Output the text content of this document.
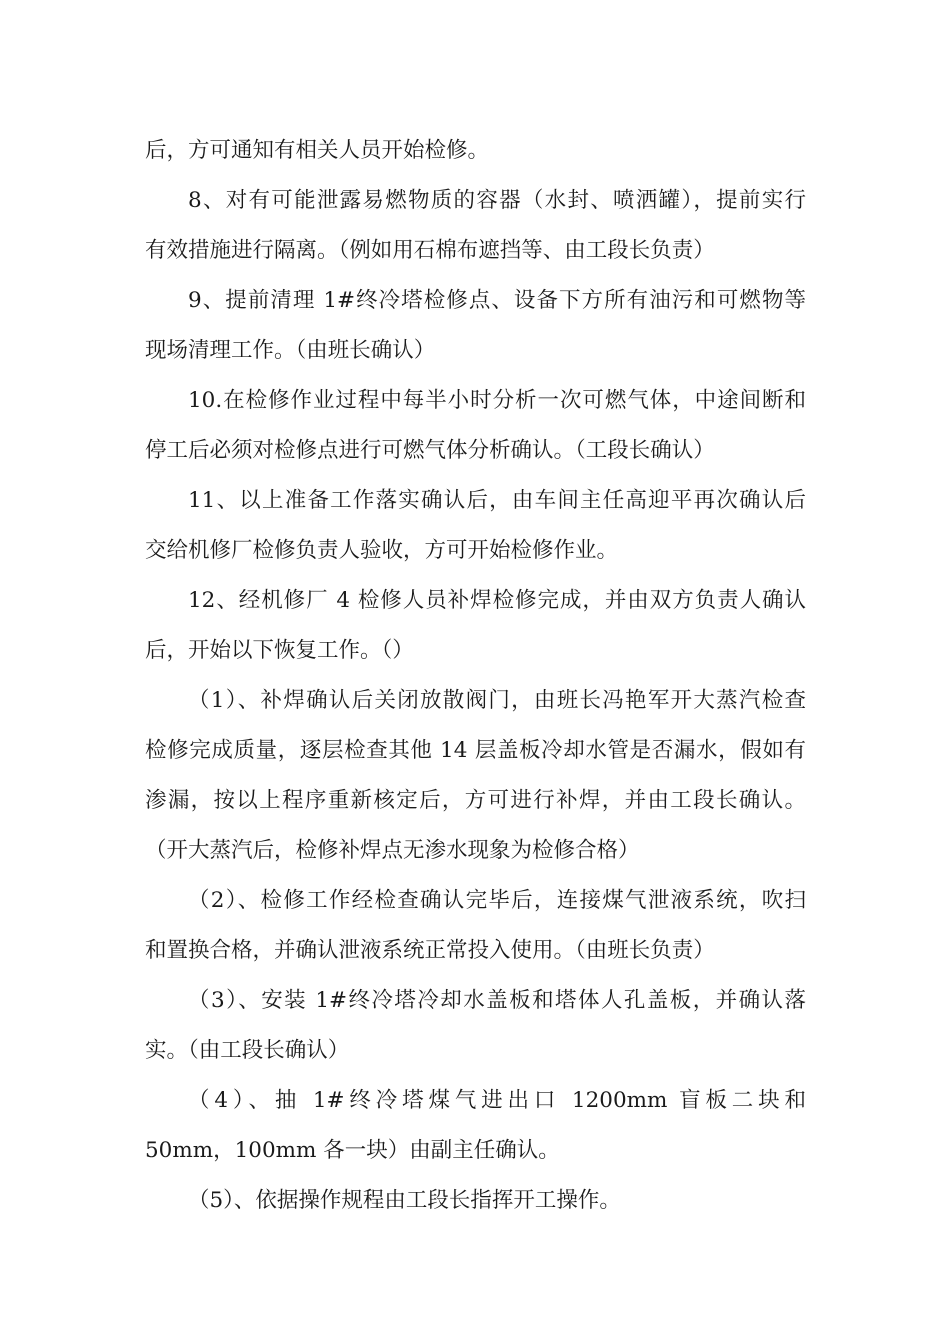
后，方可通知有相关人员开始检修。
8、对有可能泄露易燃物质的容器（水封、喷洒罐），提前实行
有效措施进行隔离。（例如用石棉布遮挡等、由工段长负责）
9、提前清理 1#终冷塔检修点、设备下方所有油污和可燃物等
现场清理工作。（由班长确认）
10.在检修作业过程中每半小时分析一次可燃气体，中途间断和
停工后必须对检修点进行可燃气体分析确认。（工段长确认）
11、以上准备工作落实确认后，由车间主任高迎平再次确认后
交给机修厂检修负责人验收，方可开始检修作业。
12、经机修厂 4 检修人员补焊检修完成，并由双方负责人确认
后，开始以下恢复工作。（）
（1）、补焊确认后关闭放散阀门，由班长冯艳军开大蒸汽检查
检修完成质量，逐层检查其他 14 层盖板冷却水管是否漏水，假如有
渗漏，按以上程序重新核定后，方可进行补焊，并由工段长确认。
（开大蒸汽后，检修补焊点无渗水现象为检修合格）
（2）、检修工作经检查确认完毕后，连接煤气泄液系统，吹扫
和置换合格，并确认泄液系统正常投入使用。（由班长负责）
（3）、安装 1#终冷塔冷却水盖板和塔体人孔盖板，并确认落
实。（由工段长确认）
（4）、抽 1#终冷塔煤气进出口 1200mm 盲板二块和
50mm，100mm 各一块）由副主任确认。
（5）、依据操作规程由工段长指挥开工操作。
